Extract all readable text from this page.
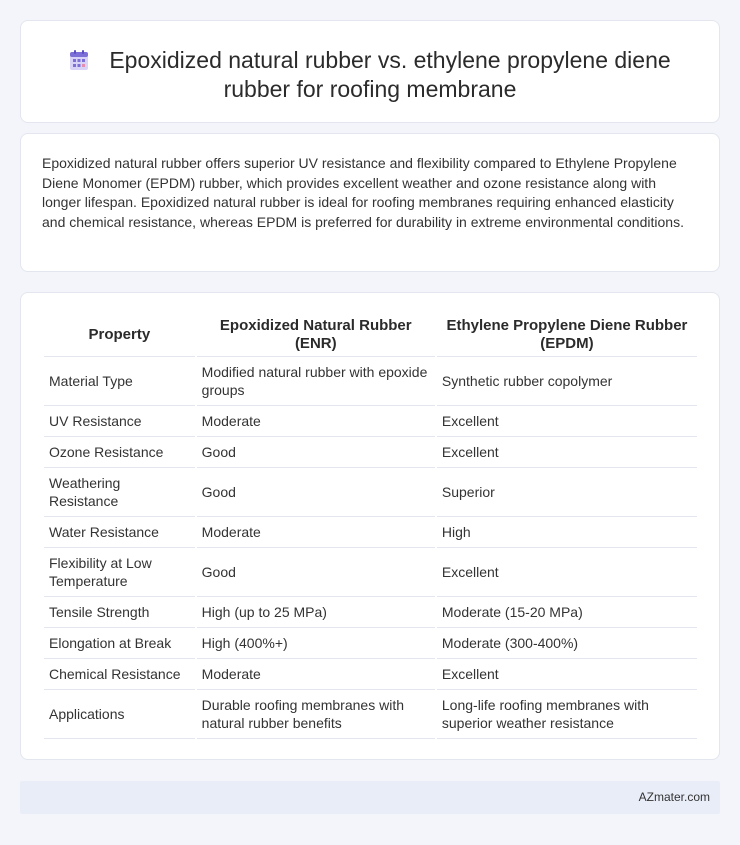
Epoxidized natural rubber vs. ethylene propylene diene rubber for roofing membrane

Epoxidized natural rubber offers superior UV resistance and flexibility compared to Ethylene Propylene Diene Monomer (EPDM) rubber, which provides excellent weather and ozone resistance along with longer lifespan. Epoxidized natural rubber is ideal for roofing membranes requiring enhanced elasticity and chemical resistance, whereas EPDM is preferred for durability in extreme environmental conditions.

Property	Epoxidized Natural Rubber (ENR)	Ethylene Propylene Diene Rubber (EPDM)
Material Type	Modified natural rubber with epoxide groups	Synthetic rubber copolymer
UV Resistance	Moderate	Excellent
Ozone Resistance	Good	Excellent
Weathering Resistance	Good	Superior
Water Resistance	Moderate	High
Flexibility at Low Temperature	Good	Excellent
Tensile Strength	High (up to 25 MPa)	Moderate (15-20 MPa)
Elongation at Break	High (400%+)	Moderate (300-400%)
Chemical Resistance	Moderate	Excellent
Applications	Durable roofing membranes with natural rubber benefits	Long-life roofing membranes with superior weather resistance
AZmater.com
